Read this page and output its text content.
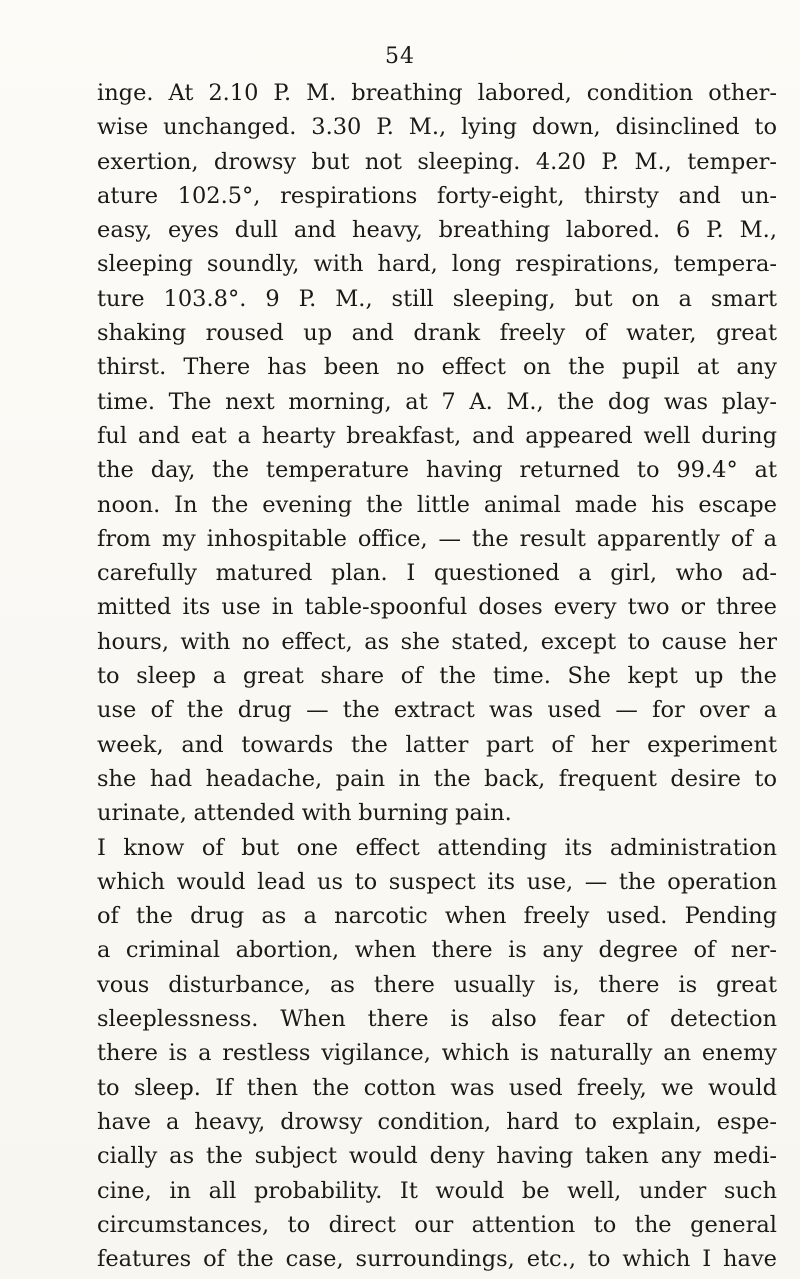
54
inge. At 2.10 P. M. breathing labored, condition other-
wise unchanged. 3.30 P. M., lying down, disinclined to
exertion, drowsy but not sleeping. 4.20 P. M., temper-
ature 102.5°, respirations forty-eight, thirsty and un-
easy, eyes dull and heavy, breathing labored. 6 P. M.,
sleeping soundly, with hard, long respirations, tempera-
ture 103.8°. 9 P. M., still sleeping, but on a smart
shaking roused up and drank freely of water, great
thirst. There has been no effect on the pupil at any
time. The next morning, at 7 A. M., the dog was play-
ful and eat a hearty breakfast, and appeared well during
the day, the temperature having returned to 99.4° at
noon. In the evening the little animal made his escape
from my inhospitable office, — the result apparently of a
carefully matured plan. I questioned a girl, who ad-
mitted its use in table-spoonful doses every two or three
hours, with no effect, as she stated, except to cause her
to sleep a great share of the time. She kept up the
use of the drug — the extract was used — for over a
week, and towards the latter part of her experiment
she had headache, pain in the back, frequent desire to
urinate, attended with burning pain.
I know of but one effect attending its administration
which would lead us to suspect its use, — the operation
of the drug as a narcotic when freely used. Pending
a criminal abortion, when there is any degree of ner-
vous disturbance, as there usually is, there is great
sleeplessness. When there is also fear of detection
there is a restless vigilance, which is naturally an enemy
to sleep. If then the cotton was used freely, we would
have a heavy, drowsy condition, hard to explain, espe-
cially as the subject would deny having taken any medi-
cine, in all probability. It would be well, under such
circumstances, to direct our attention to the general
features of the case, surroundings, etc., to which I have
